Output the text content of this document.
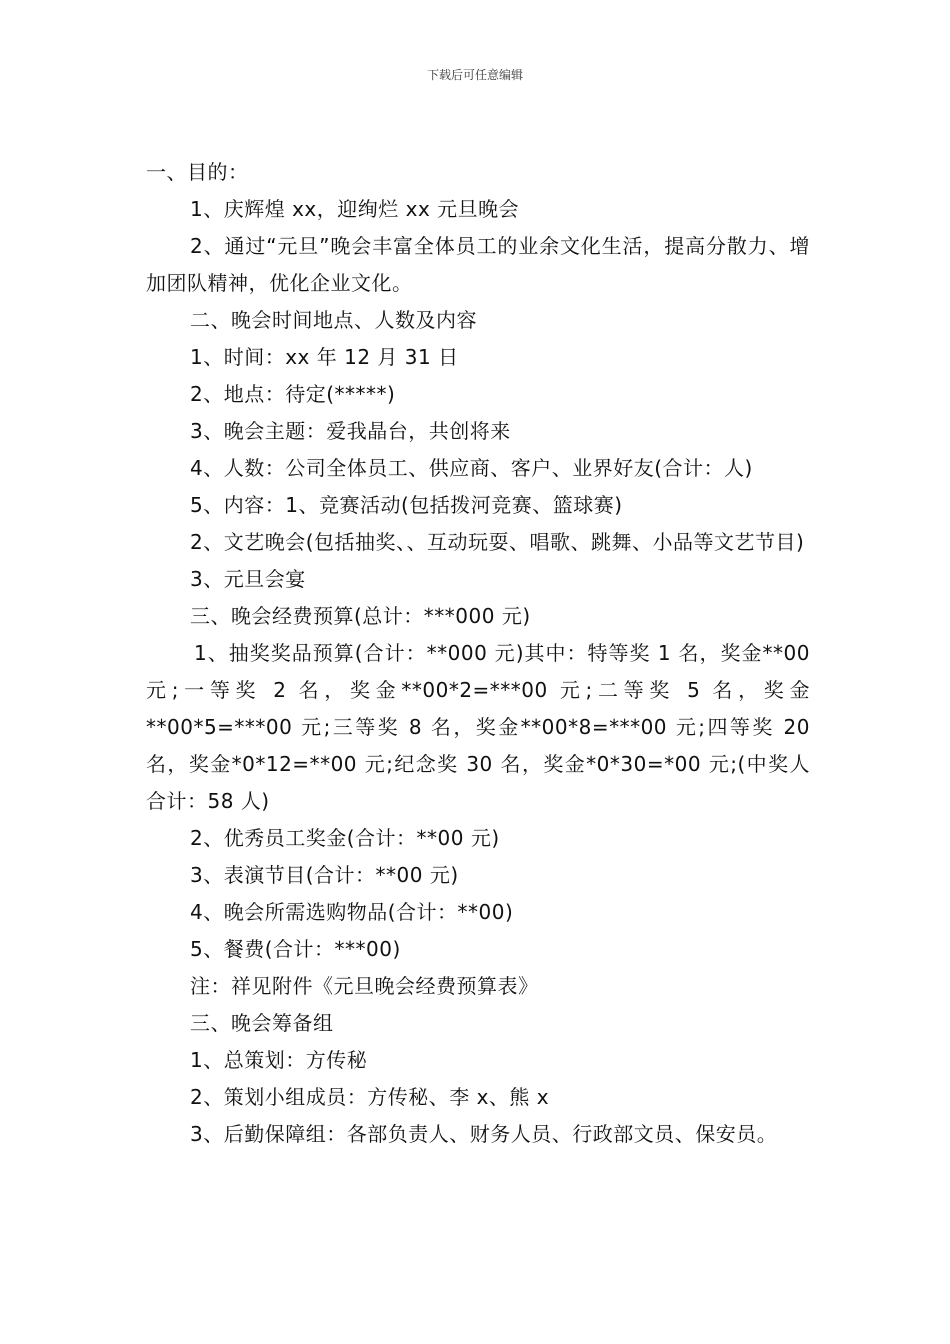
下载后可任意编辑
一、目的：
1、庆辉煌 xx，迎绚烂 xx 元旦晚会
2、通过“元旦”晚会丰富全体员工的业余文化生活，提高分散力、增加团队精神，优化企业文化。
二、晚会时间地点、人数及内容
1、时间：xx 年 12 月 31 日
2、地点：待定(*****)
3、晚会主题：爱我晶台，共创将来
4、人数：公司全体员工、供应商、客户、业界好友(合计：人)
5、内容：1、竞赛活动(包括拨河竞赛、篮球赛)
2、文艺晚会(包括抽奖、、互动玩耍、唱歌、跳舞、小品等文艺节目)
3、元旦会宴
三、晚会经费预算(总计：***000 元)
1、抽奖奖品预算(合计：**000 元)其中：特等奖 1 名，奖金**00 元;一等奖 2 名，奖金**00*2=***00 元;二等奖 5 名，奖金**00*5=***00 元;三等奖 8 名，奖金**00*8=***00 元;四等奖 20 名，奖金*0*12=**00 元;纪念奖 30 名，奖金*0*30=*00 元;(中奖人合计：58 人)
2、优秀员工奖金(合计：**00 元)
3、表演节目(合计：**00 元)
4、晚会所需选购物品(合计：**00)
5、餐费(合计：***00)
注：祥见附件《元旦晚会经费预算表》
三、晚会筹备组
1、总策划：方传秘
2、策划小组成员：方传秘、李 x、熊 x
3、后勤保障组：各部负责人、财务人员、行政部文员、保安员。
